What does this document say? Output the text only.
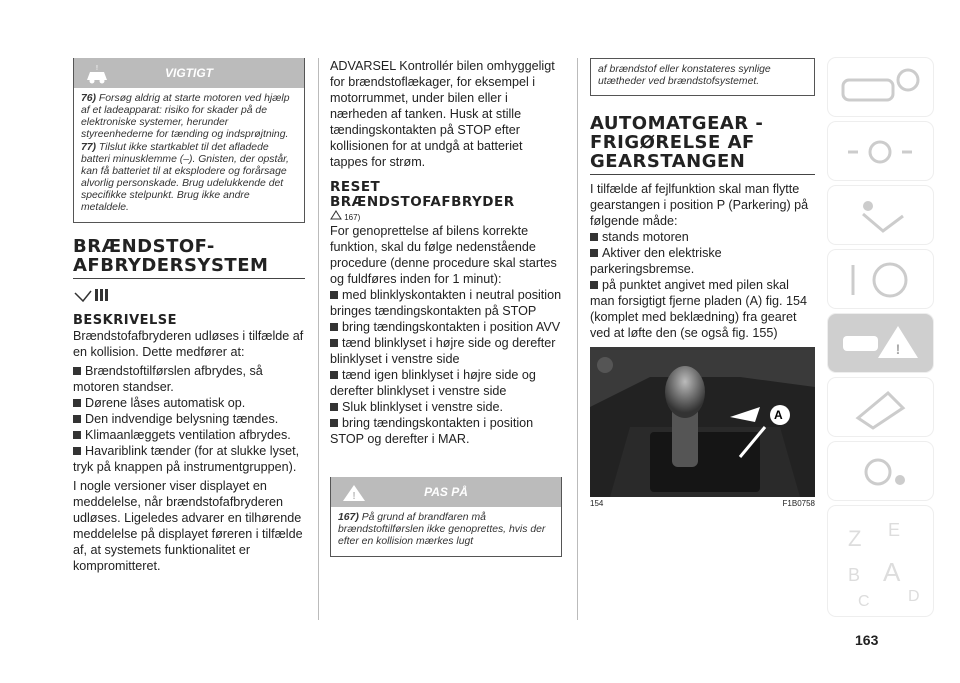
!	VIGTIGT

76) Forsøg aldrig at starte motoren ved hjælp af et ladeapparat: risiko for skader på de elektroniske systemer, herunder styreenhederne for tænding og indsprøjtning.

77) Tilslut ikke startkablet til det afladede batteri minusklemme (–). Gnisten, der opstår, kan få batteriet til at eksplodere og forårsage alvorlig personskade. Brug udelukkende det specifikke stelpunkt. Brug ikke andre metaldele.

BRÆNDSTOF-AFBRYDERSYSTEM
BESKRIVELSE

Brændstofafbryderen udløses i tilfælde af en kollision. Dette medfører at:

Brændstoftilførslen afbrydes, så motoren standser.

Dørene låses automatisk op.

Den indvendige belysning tændes.

Klimaanlæggets ventilation afbrydes.

Havariblink tænder (for at slukke lyset, tryk på knappen på instrumentgruppen).

I nogle versioner viser displayet en meddelelse, når brændstofafbryderen udløses. Ligeledes advarer en tilhørende meddelelse på displayet føreren i tilfælde af, at systemets funktionalitet er kompromitteret.

ADVARSEL Kontrollér bilen omhyggeligt for brændstoflækager, for eksempel i motorrummet, under bilen eller i nærheden af tanken. Husk at stille tændingskontakten på STOP efter kollisionen for at undgå at batteriet tappes for strøm.

RESET BRÆNDSTOFAFBRYDER
167)

For genoprettelse af bilens korrekte funktion, skal du følge nedenstående procedure (denne procedure skal startes og fuldføres inden for 1 minut):

med blinklyskontakten i neutral position bringes tændingskontakten på STOP

bring tændingskontakten i position AVV

tænd blinklyset i højre side og derefter blinklyset i venstre side

tænd igen blinklyset i højre side og derefter blinklyset i venstre side

Sluk blinklyset i venstre side.

bring tændingskontakten i position STOP og derefter i MAR.

!	PAS PÅ

167) På grund af brandfaren må brændstoftilførslen ikke genoprettes, hvis der efter en kollision mærkes lugt

af brændstof eller konstateres synlige utætheder ved brændstofsystemet.
AUTOMATGEAR - FRIGØRELSE AF GEARSTANGEN

I tilfælde af fejlfunktion skal man flytte gearstangen i position P (Parkering) på følgende måde:

stands motoren

Aktiver den elektriske parkeringsbremse.

på punktet angivet med pilen skal man forsigtigt fjerne pladen (A) fig. 154 (komplet med beklædning) fra gearet ved at løfte den (se også fig. 155)

A
154	F1B0758
!
Z E
B A
D
C
163
